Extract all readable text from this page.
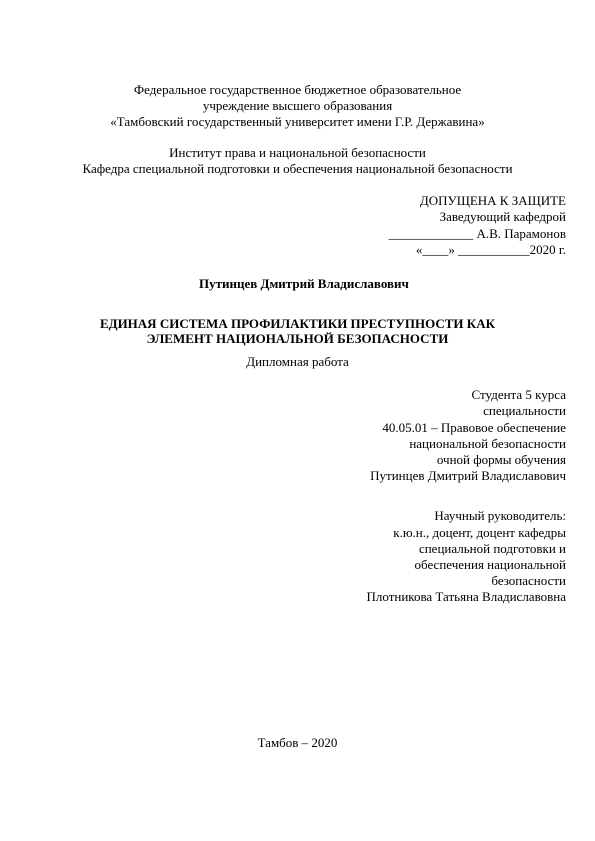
Федеральное государственное бюджетное образовательное
учреждение высшего образования
«Тамбовский государственный университет имени Г.Р. Державина»
Институт права и национальной безопасности
Кафедра специальной подготовки и обеспечения национальной безопасности
ДОПУЩЕНА К ЗАЩИТЕ
Заведующий кафедрой
_____________ А.В. Парамонов
«____» ___________2020 г.
Путинцев Дмитрий Владиславович
ЕДИНАЯ СИСТЕМА ПРОФИЛАКТИКИ ПРЕСТУПНОСТИ КАК
ЭЛЕМЕНТ НАЦИОНАЛЬНОЙ БЕЗОПАСНОСТИ
Дипломная работа
Студента 5 курса
специальности
40.05.01 – Правовое обеспечение
национальной безопасности
очной формы обучения
Путинцев Дмитрий Владиславович
Научный руководитель:
к.ю.н., доцент, доцент кафедры
специальной подготовки и
обеспечения национальной
безопасности
Плотникова Татьяна Владиславовна
Тамбов – 2020
